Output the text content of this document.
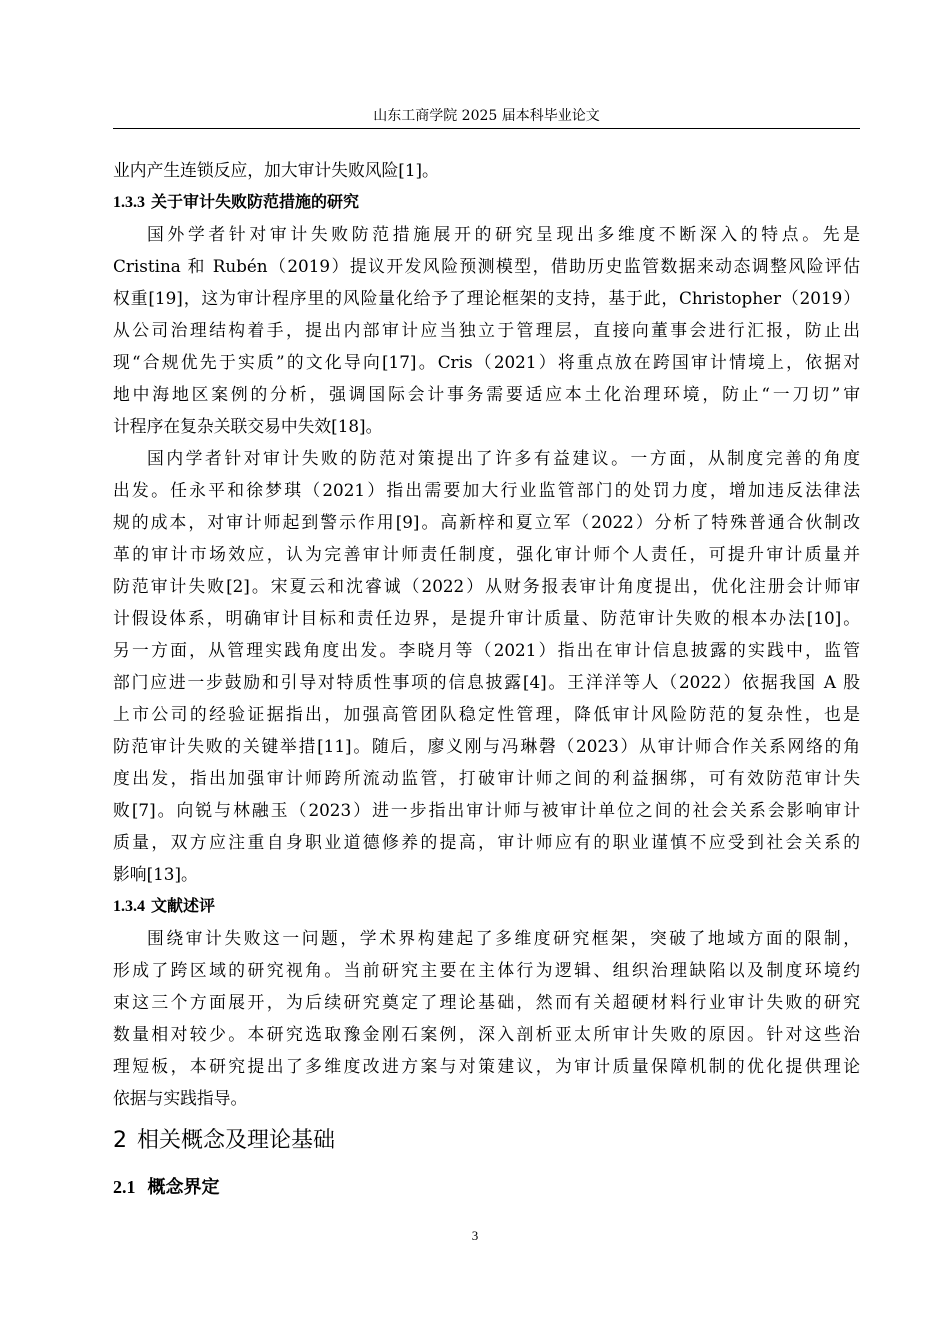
山东工商学院 2025 届本科毕业论文
业内产生连锁反应，加大审计失败风险[1]。
1.3.3 关于审计失败防范措施的研究
国外学者针对审计失败防范措施展开的研究呈现出多维度不断深入的特点。先是
Cristina 和 Rubén（2019）提议开发风险预测模型，借助历史监管数据来动态调整风险评估
权重[19]，这为审计程序里的风险量化给予了理论框架的支持，基于此，Christopher（2019）
从公司治理结构着手，提出内部审计应当独立于管理层，直接向董事会进行汇报，防止出
现“合规优先于实质”的文化导向[17]。Cris（2021）将重点放在跨国审计情境上，依据对
地中海地区案例的分析，强调国际会计事务需要适应本土化治理环境，防止“一刀切”审
计程序在复杂关联交易中失效[18]。
国内学者针对审计失败的防范对策提出了许多有益建议。一方面，从制度完善的角度
出发。任永平和徐梦琪（2021）指出需要加大行业监管部门的处罚力度，增加违反法律法
规的成本，对审计师起到警示作用[9]。高新梓和夏立军（2022）分析了特殊普通合伙制改
革的审计市场效应，认为完善审计师责任制度，强化审计师个人责任，可提升审计质量并
防范审计失败[2]。宋夏云和沈睿诚（2022）从财务报表审计角度提出，优化注册会计师审
计假设体系，明确审计目标和责任边界，是提升审计质量、防范审计失败的根本办法[10]。
另一方面，从管理实践角度出发。李晓月等（2021）指出在审计信息披露的实践中，监管
部门应进一步鼓励和引导对特质性事项的信息披露[4]。王洋洋等人（2022）依据我国 A 股
上市公司的经验证据指出，加强高管团队稳定性管理，降低审计风险防范的复杂性，也是
防范审计失败的关键举措[11]。随后，廖义刚与冯琳磬（2023）从审计师合作关系网络的角
度出发，指出加强审计师跨所流动监管，打破审计师之间的利益捆绑，可有效防范审计失
败[7]。向锐与林融玉（2023）进一步指出审计师与被审计单位之间的社会关系会影响审计
质量，双方应注重自身职业道德修养的提高，审计师应有的职业谨慎不应受到社会关系的
影响[13]。
1.3.4 文献述评
围绕审计失败这一问题，学术界构建起了多维度研究框架，突破了地域方面的限制，
形成了跨区域的研究视角。当前研究主要在主体行为逻辑、组织治理缺陷以及制度环境约
束这三个方面展开，为后续研究奠定了理论基础，然而有关超硬材料行业审计失败的研究
数量相对较少。本研究选取豫金刚石案例，深入剖析亚太所审计失败的原因。针对这些治
理短板，本研究提出了多维度改进方案与对策建议，为审计质量保障机制的优化提供理论
依据与实践指导。
2 相关概念及理论基础
2.1 概念界定
3
